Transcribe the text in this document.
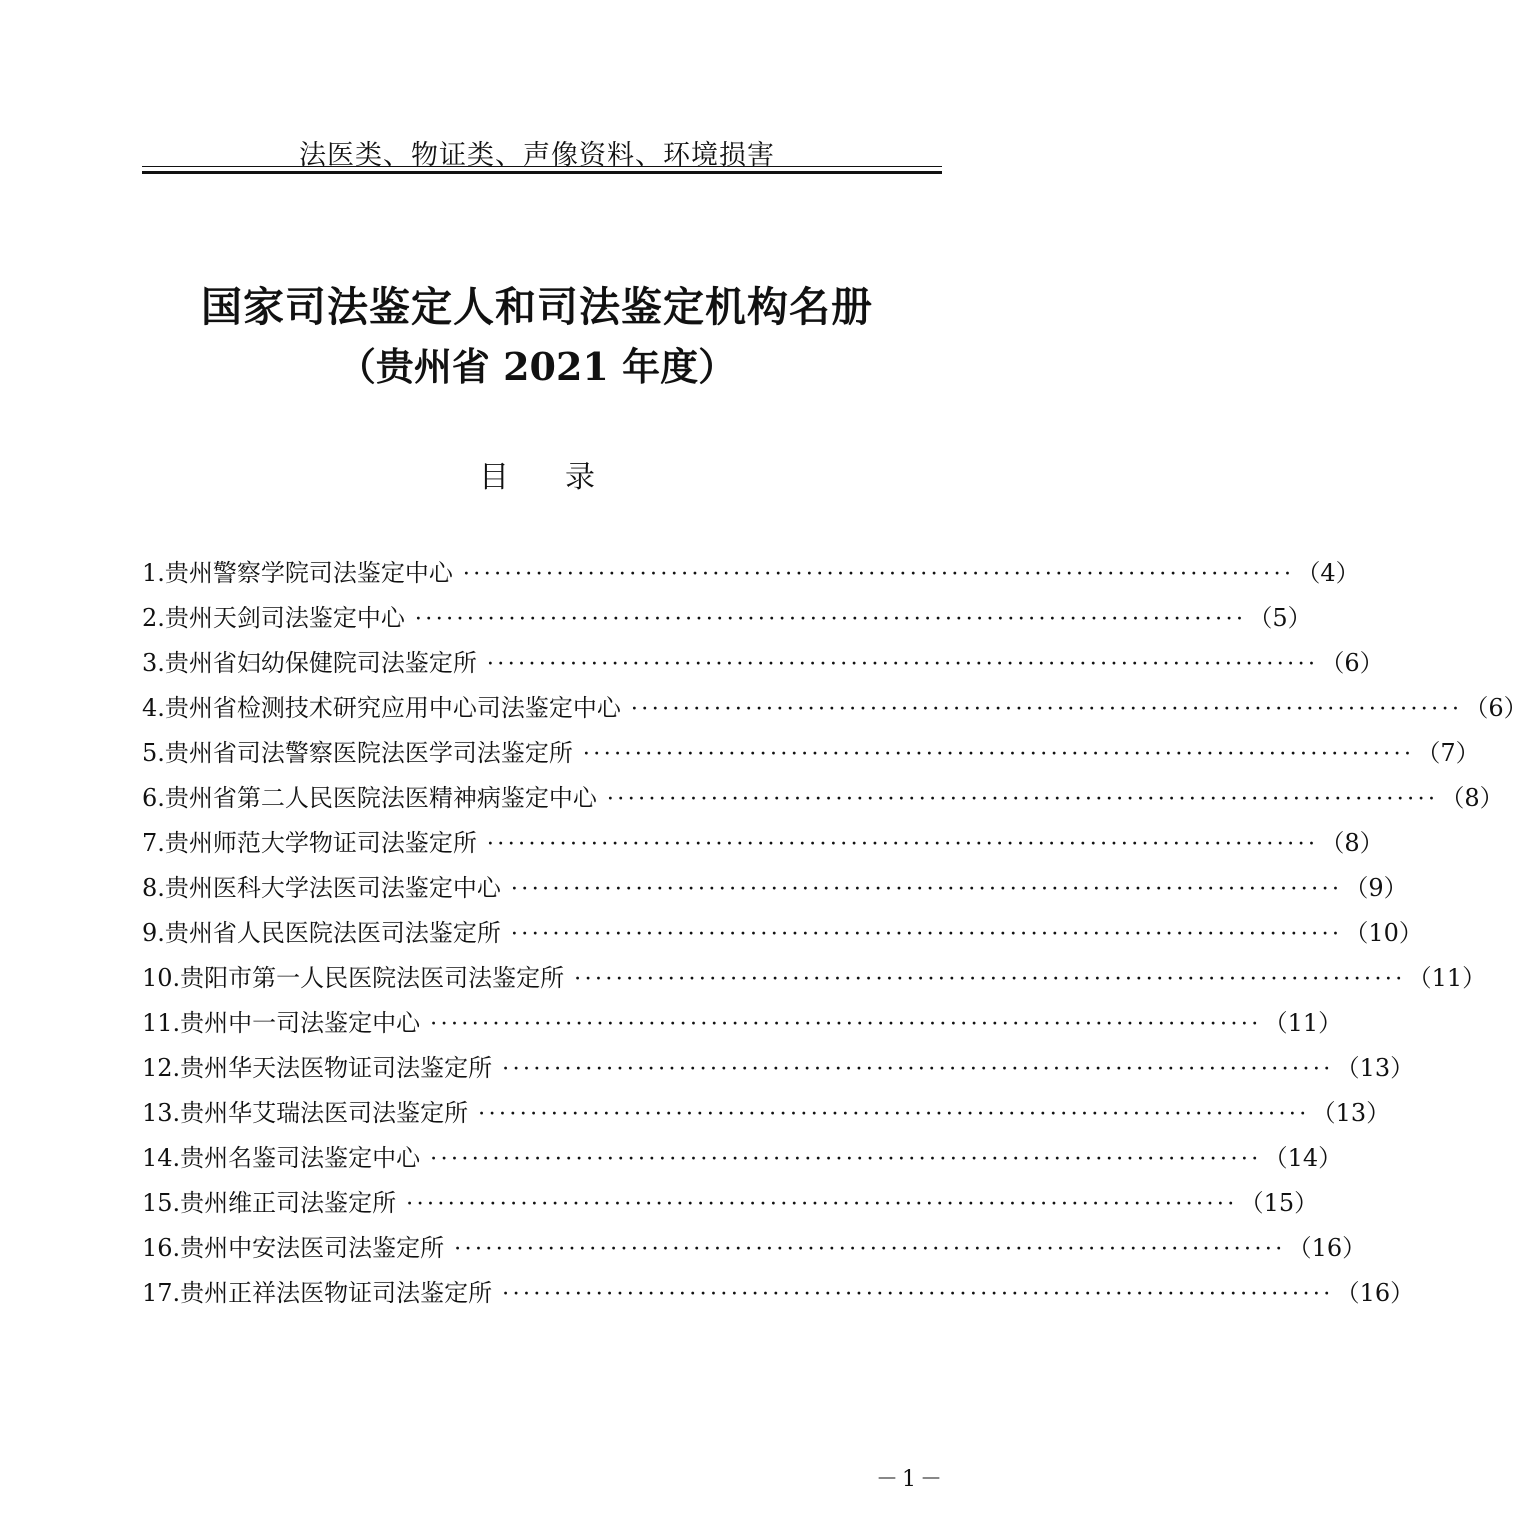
法医类、物证类、声像资料、环境损害
国家司法鉴定人和司法鉴定机构名册
（贵州省 2021 年度）
目录
1.贵州警察学院司法鉴定中心 ················································································ （4）
2.贵州天剑司法鉴定中心 ················································································ （5）
3.贵州省妇幼保健院司法鉴定所 ················································································ （6）
4.贵州省检测技术研究应用中心司法鉴定中心 ················································································ （6）
5.贵州省司法警察医院法医学司法鉴定所 ················································································ （7）
6.贵州省第二人民医院法医精神病鉴定中心 ················································································ （8）
7.贵州师范大学物证司法鉴定所 ················································································ （8）
8.贵州医科大学法医司法鉴定中心 ················································································ （9）
9.贵州省人民医院法医司法鉴定所 ················································································ （10）
10.贵阳市第一人民医院法医司法鉴定所 ················································································ （11）
11.贵州中一司法鉴定中心 ················································································ （11）
12.贵州华天法医物证司法鉴定所 ················································································ （13）
13.贵州华艾瑞法医司法鉴定所 ················································································ （13）
14.贵州名鉴司法鉴定中心 ················································································ （14）
15.贵州维正司法鉴定所 ················································································ （15）
16.贵州中安法医司法鉴定所 ················································································ （16）
17.贵州正祥法医物证司法鉴定所 ················································································ （16）
－1－
